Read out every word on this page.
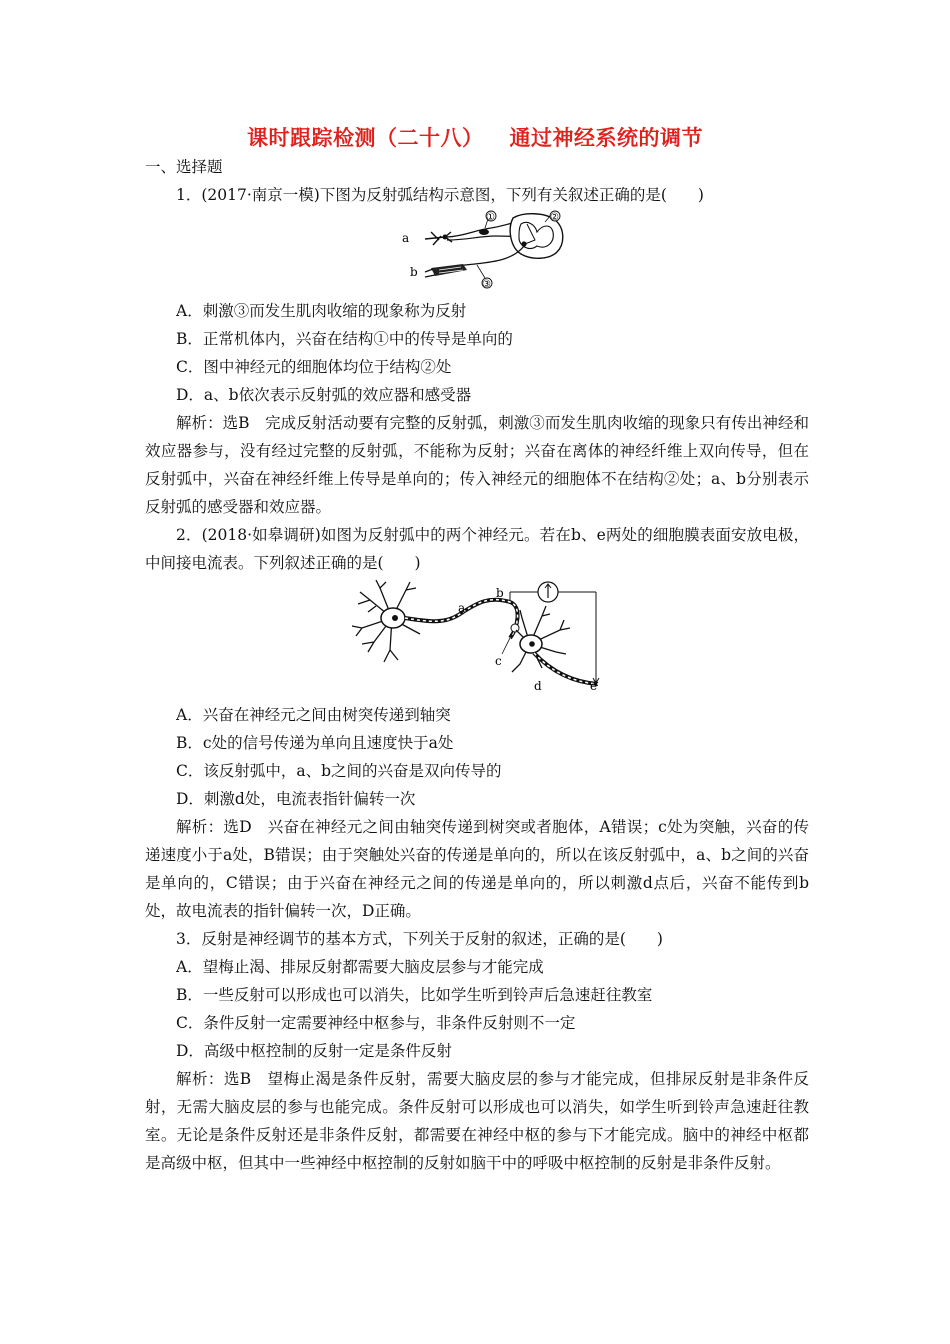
课时跟踪检测（二十八） 通过神经系统的调节
一、选择题
1．(2017·南京一模)下图为反射弧结构示意图，下列有关叙述正确的是(　　)
a
b
①	②
③
A．刺激③而发生肌肉收缩的现象称为反射
B．正常机体内，兴奋在结构①中的传导是单向的
C．图中神经元的细胞体均位于结构②处
D．a、b依次表示反射弧的效应器和感受器
解析：选B　完成反射活动要有完整的反射弧，刺激③而发生肌肉收缩的现象只有传出神经和效应器参与，没有经过完整的反射弧，不能称为反射；兴奋在离体的神经纤维上双向传导，但在反射弧中，兴奋在神经纤维上传导是单向的；传入神经元的细胞体不在结构②处；a、b分别表示反射弧的感受器和效应器。
2．(2018·如皋调研)如图为反射弧中的两个神经元。若在b、e两处的细胞膜表面安放电极，中间接电流表。下列叙述正确的是(　　)
a
b
c
d	e
A．兴奋在神经元之间由树突传递到轴突
B．c处的信号传递为单向且速度快于a处
C．该反射弧中，a、b之间的兴奋是双向传导的
D．刺激d处，电流表指针偏转一次
解析：选D　兴奋在神经元之间由轴突传递到树突或者胞体，A错误；c处为突触，兴奋的传递速度小于a处，B错误；由于突触处兴奋的传递是单向的，所以在该反射弧中，a、b之间的兴奋是单向的，C错误；由于兴奋在神经元之间的传递是单向的，所以刺激d点后，兴奋不能传到b处，故电流表的指针偏转一次，D正确。
3．反射是神经调节的基本方式，下列关于反射的叙述，正确的是(　　)
A．望梅止渴、排尿反射都需要大脑皮层参与才能完成
B．一些反射可以形成也可以消失，比如学生听到铃声后急速赶往教室
C．条件反射一定需要神经中枢参与，非条件反射则不一定
D．高级中枢控制的反射一定是条件反射
解析：选B　望梅止渴是条件反射，需要大脑皮层的参与才能完成，但排尿反射是非条件反射，无需大脑皮层的参与也能完成。条件反射可以形成也可以消失，如学生听到铃声急速赶往教室。无论是条件反射还是非条件反射，都需要在神经中枢的参与下才能完成。脑中的神经中枢都是高级中枢，但其中一些神经中枢控制的反射如脑干中的呼吸中枢控制的反射是非条件反射。
